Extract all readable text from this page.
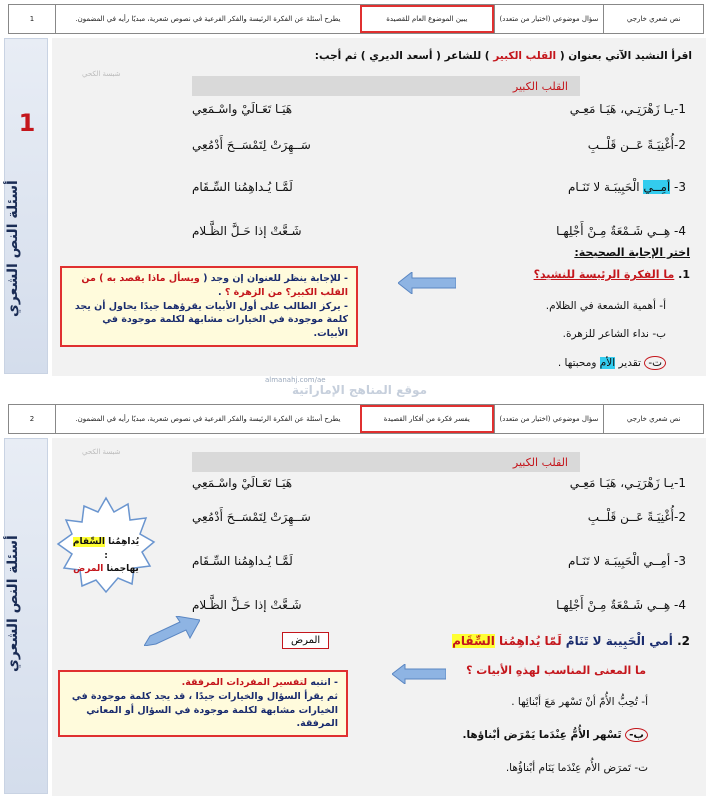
نص شعري خارجي
سؤال موضوعي (اختيار من متعدد)
يبين الموضوع العام للقصيدة
يطرح أسئلة عن الفكرة الرئيسة والفكر الفرعية في نصوص شعرية، مبديًا رأيه في المضمون.
1
1
أسئلة النص الشعري
اقرأ النشيد الآتي بعنوان ( القلب الكبير ) للشاعر ( أسعد الديري ) ثم أجب:
شبسة الكحي
القلب الكبير
1-يـا زَهْرَتِـي، هَيَـا مَعِـي
هَيَـا تَعَـالَيْ واسْـمَعِي
2-أُغْنِيَـةً عَــن قَلْــبِ
سَــهِرَتْ لِتَمْسَــحَ أَدْمُعِي
3- أمِــي الْحَبِيبَـة لا تَنَـام
لَمَّـا يُـداهِمُنا السِّـقَام
4- هِــي شَـمْعَةٌ مِـنْ أَجْلِهـا
شَـعَّتْ إذا حَـلَّ الظَّـلام
اختر الإجابة الصحيحة:
1. ما الفكرة الرئيسة للنشيد؟
أ- أهمية الشمعة في الظلام.
ب- نداء الشاعر للزهرة.
ت- تقدير الأم ومحبتها .
- للإجابة ينظر للعنوان إن وجد ( ويسأل ماذا يقصد به ) من القلب الكبير؟ من الزهرة ؟ .
- يركز الطالب على أول الأبيات يقرؤهما جيدًا يحاول أن يجد كلمة موجودة في الخيارات مشابهة لكلمة موجودة في الأبيات.
almanahj.com/ae
موقع المناهج الإماراتية
نص شعري خارجي
سؤال موضوعي (اختيار من متعدد)
يفسر فكرة من أفكار القصيدة
يطرح أسئلة عن الفكرة الرئيسة والفكر الفرعية في نصوص شعرية، مبديًا رأيه في المضمون.
2
أسئلة النص الشعري
شبسة الكحي
القلب الكبير
1-يـا زَهْرَتِـي، هَيَـا مَعِـي
هَيَـا تَعَـالَيْ واسْـمَعِي
2-أُغْنِيَـةً عَــن قَلْــبِ
سَــهِرَتْ لِتَمْسَــحَ أَدْمُعِي
3- أمِــي الْحَبِيبَـة لا تَنَـام
لَمَّـا يُـداهِمُنا السِّـقَام
4- هِــي شَـمْعَةٌ مِـنْ أَجْلِهـا
شَـعَّتْ إذا حَـلَّ الظَّـلام
يُداهِمُنا السِّقام :
يهاجمنا المرض
2. أمي الْحَبِيبة لا تَنَامْ لَمّا يُداهِمُنا السِّقَام
المرض
ما المعنى المناسب لهذهِ الأبيات ؟
أ- تُحِبُّ الأُمّ أنْ تَسْهر مَعَ أبْنائِها .
ب- تَسْهر الأُمُّ عِنْدَما يَمْرَض أبْناؤها.
ت- تَمرَض الأُم عِنْدَما يَنَام أبْناؤُها.
- انتبه لتفسير المفردات المرفقة.
ثم يقرأ السؤال والخيارات جيدًا ، قد يجد كلمة موجودة في الخيارات مشابهة لكلمة موجودة في السؤال أو المعاني المرفقة.
